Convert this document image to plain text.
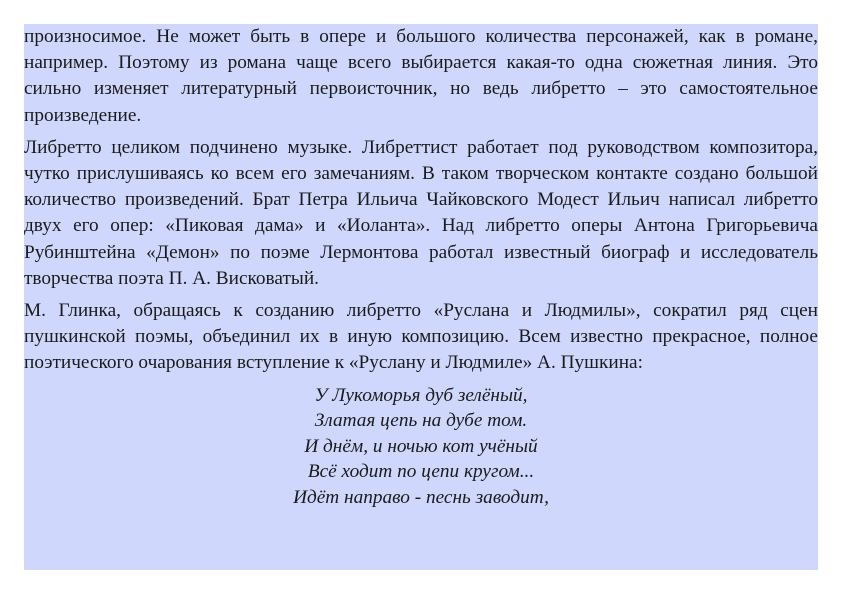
произносимое. Не может быть в опере и большого количества персонажей, как в романе, например. Поэтому из романа чаще всего выбирается какая-то одна сюжетная линия. Это сильно изменяет литературный первоисточник, но ведь либретто – это самостоятельное произведение.

Либретто целиком подчинено музыке. Либреттист работает под руководством композитора, чутко прислушиваясь ко всем его замечаниям. В таком творческом контакте создано большой количество произведений. Брат Петра Ильича Чайковского Модест Ильич написал либретто двух его опер: «Пиковая дама» и «Иоланта». Над либретто оперы Антона Григорьевича Рубинштейна «Демон» по поэме Лермонтова работал известный биограф и исследователь творчества поэта П. А. Висковатый.

М. Глинка, обращаясь к созданию либретто «Руслана и Людмилы», сократил ряд сцен пушкинской поэмы, объединил их в иную композицию. Всем известно прекрасное, полное поэтического очарования вступление к «Руслану и Людмиле» А. Пушкина:

У Лукоморья дуб зелёный,
Златая цепь на дубе том.
И днём, и ночью кот учёный
Всё ходит по цепи кругом...
Идёт направо - песнь заводит,
